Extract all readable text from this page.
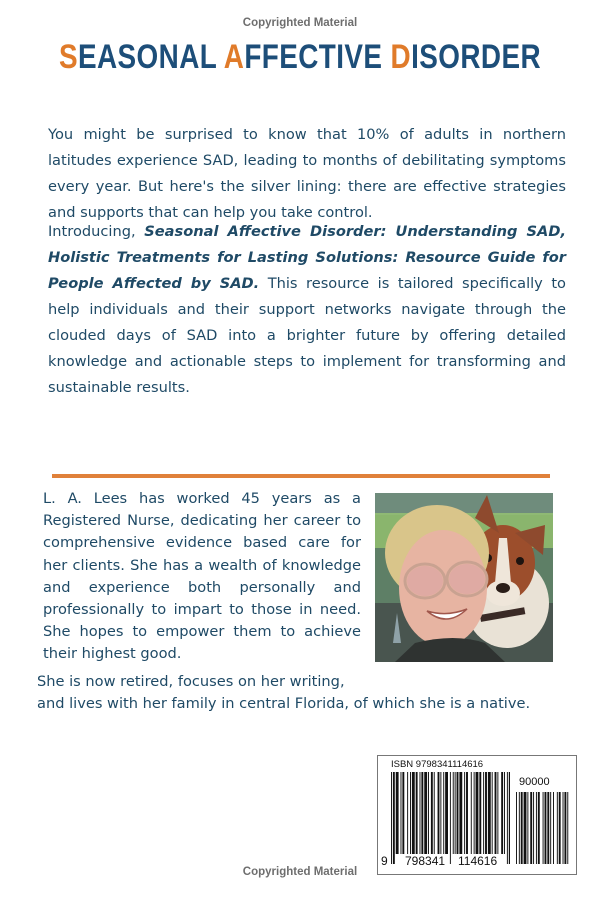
Copyrighted Material
SEASONAL AFFECTIVE DISORDER
You might be surprised to know that 10% of adults in northern latitudes experience SAD, leading to months of debilitating symptoms every year. But here's the silver lining: there are effective strategies and supports that can help you take control.
Introducing, Seasonal Affective Disorder: Understanding SAD, Holistic Treatments for Lasting Solutions: Resource Guide for People Affected by SAD. This resource is tailored specifically to help individuals and their support networks navigate through the clouded days of SAD into a brighter future by offering detailed knowledge and actionable steps to implement for transforming and sustainable results.
L. A. Lees has worked 45 years as a Registered Nurse, dedicating her career to comprehensive evidence based care for her clients. She has a wealth of knowledge and experience both personally and professionally to impart to those in need. She hopes to empower them to achieve their highest good.
She is now retired, focuses on her writing,
and lives with her family in central Florida, of which she is a native.
ISBN 9798341114616
90000
9 798341 114616
Copyrighted Material
